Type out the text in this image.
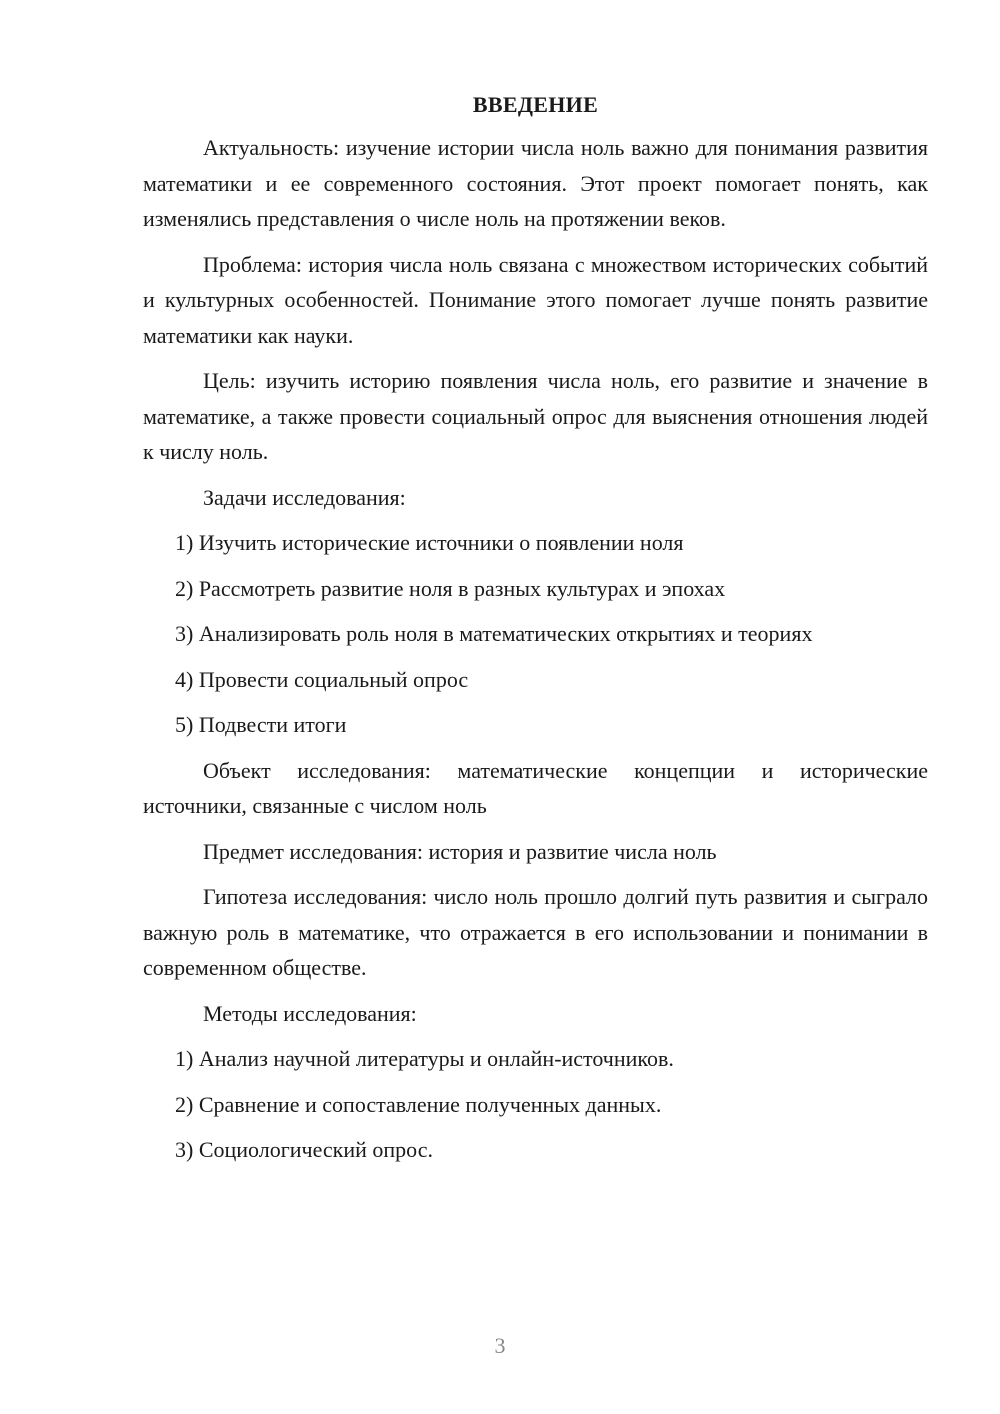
ВВЕДЕНИЕ

Актуальность: изучение истории числа ноль важно для понимания развития математики и ее современного состояния. Этот проект помогает понять, как изменялись представления о числе ноль на протяжении веков.

Проблема: история числа ноль связана с множеством исторических событий и культурных особенностей. Понимание этого помогает лучше понять развитие математики как науки.

Цель: изучить историю появления числа ноль, его развитие и значение в математике, а также провести социальный опрос для выяснения отношения людей к числу ноль.

Задачи исследования:

1) Изучить исторические источники о появлении ноля
2) Рассмотреть развитие ноля в разных культурах и эпохах
3) Анализировать роль ноля в математических открытиях и теориях
4) Провести социальный опрос
5) Подвести итоги

Объект исследования: математические концепции и исторические источники, связанные с числом ноль

Предмет исследования: история и развитие числа ноль

Гипотеза исследования: число ноль прошло долгий путь развития и сыграло важную роль в математике, что отражается в его использовании и понимании в современном обществе.

Методы исследования:

1) Анализ научной литературы и онлайн-источников.
2) Сравнение и сопоставление полученных данных.
3) Социологический опрос.
3
